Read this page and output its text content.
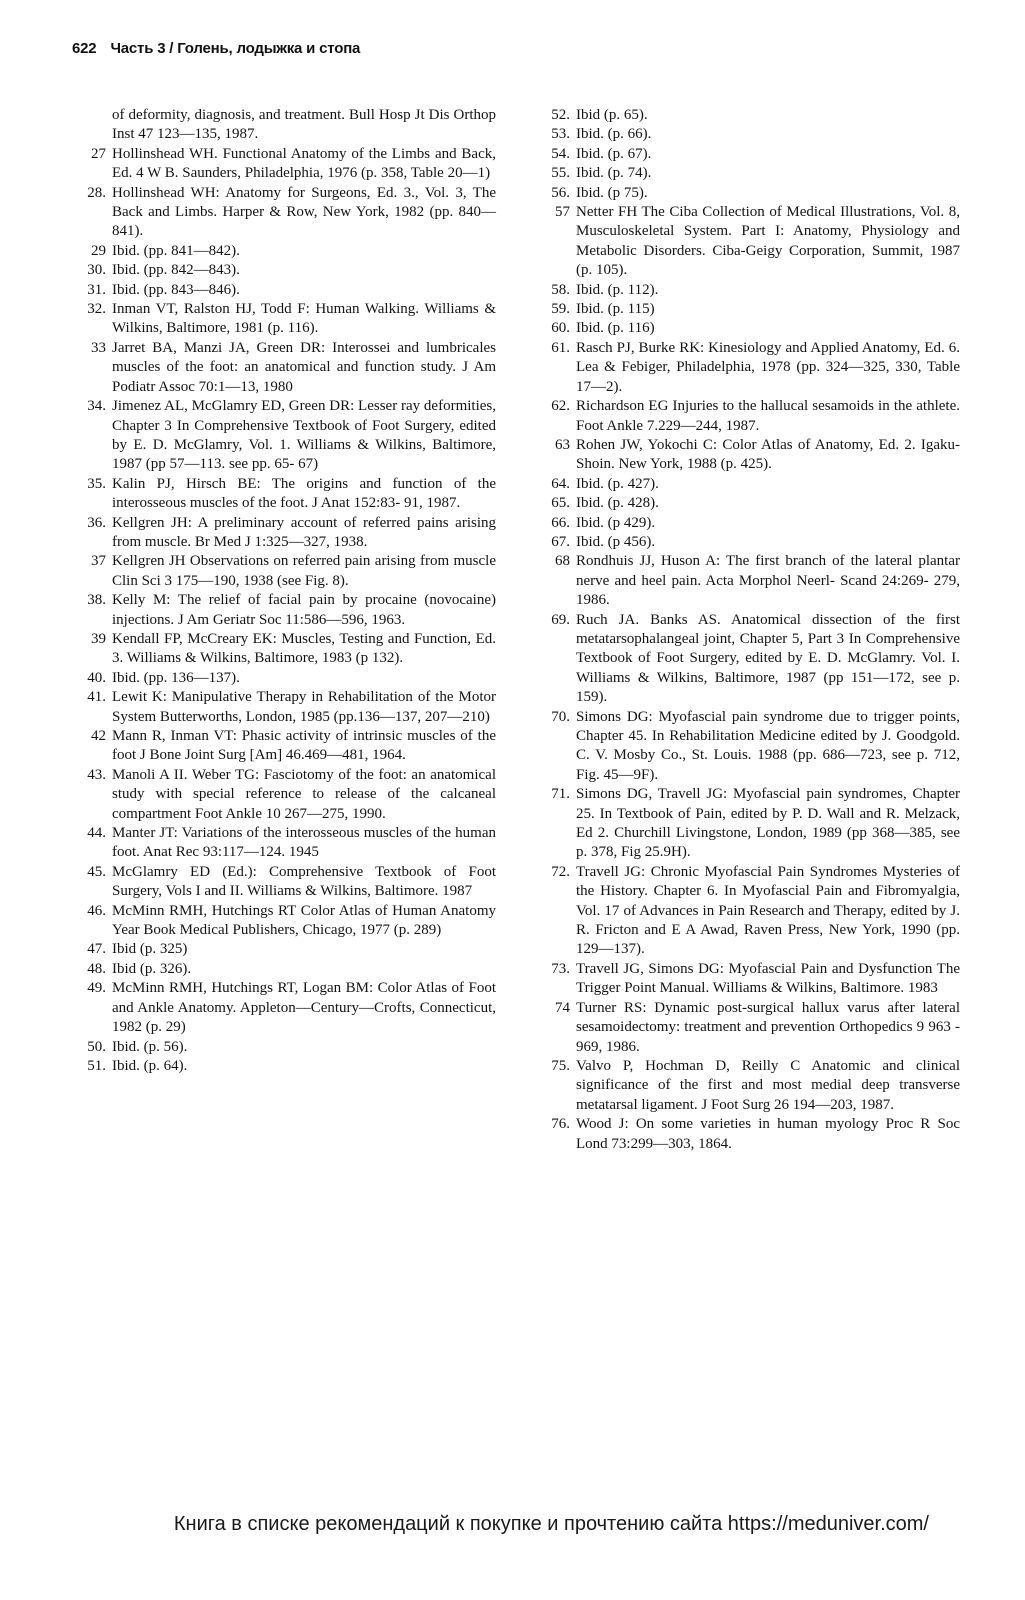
622 Часть 3 / Голень, лодыжка и стопа
of deformity, diagnosis, and treatment. Bull Hosp Jt Dis Orthop Inst 47 123—135, 1987.
27 Hollinshead WH. Functional Anatomy of the Limbs and Back, Ed. 4 W B. Saunders, Philadelphia, 1976 (p. 358, Table 20—1)
28. Hollinshead WH: Anatomy for Surgeons, Ed. 3., Vol. 3, The Back and Limbs. Harper & Row, New York, 1982 (pp. 840—841).
29 Ibid. (pp. 841—842).
30. Ibid. (pp. 842—843).
31. Ibid. (pp. 843—846).
32. Inman VT, Ralston HJ, Todd F: Human Walking. Williams & Wilkins, Baltimore, 1981 (p. 116).
33 Jarret BA, Manzi JA, Green DR: Interossei and lumbricales muscles of the foot: an anatomical and function study. J Am Podiatr Assoc 70:1—13, 1980
34. Jimenez AL, McGlamry ED, Green DR: Lesser ray deformities, Chapter 3 In Comprehensive Textbook of Foot Surgery, edited by E. D. McGlamry, Vol. 1. Williams & Wilkins, Baltimore, 1987 (pp 57—113. see pp. 65- 67)
35. Kalin PJ, Hirsch BE: The origins and function of the interosseous muscles of the foot. J Anat 152:83- 91, 1987.
36. Kellgren JH: A preliminary account of referred pains arising from muscle. Br Med J 1:325—327, 1938.
37 Kellgren JH Observations on referred pain arising from muscle Clin Sci 3 175—190, 1938 (see Fig. 8).
38. Kelly M: The relief of facial pain by procaine (novocaine) injections. J Am Geriatr Soc 11:586—596, 1963.
39 Kendall FP, McCreary EK: Muscles, Testing and Function, Ed. 3. Williams & Wilkins, Baltimore, 1983 (p 132).
40. Ibid. (pp. 136—137).
41. Lewit K: Manipulative Therapy in Rehabilitation of the Motor System Butterworths, London, 1985 (pp.136—137, 207—210)
42 Mann R, Inman VT: Phasic activity of intrinsic muscles of the foot J Bone Joint Surg [Am] 46.469—481, 1964.
43. Manoli A II. Weber TG: Fasciotomy of the foot: an anatomical study with special reference to release of the calcaneal compartment Foot Ankle 10 267—275, 1990.
44. Manter JT: Variations of the interosseous muscles of the human foot. Anat Rec 93:117—124. 1945
45. McGlamry ED (Ed.): Comprehensive Textbook of Foot Surgery, Vols I and II. Williams & Wilkins, Baltimore. 1987
46. McMinn RMH, Hutchings RT Color Atlas of Human Anatomy Year Book Medical Publishers, Chicago, 1977 (p. 289)
47. Ibid (p. 325)
48. Ibid (p. 326).
49. McMinn RMH, Hutchings RT, Logan BM: Color Atlas of Foot and Ankle Anatomy. Appleton—Century—Crofts, Connecticut, 1982 (p. 29)
50. Ibid. (p. 56).
51. Ibid. (p. 64).
52. Ibid (p. 65).
53. Ibid. (p. 66).
54. Ibid. (p. 67).
55. Ibid. (p. 74).
56. Ibid. (p 75).
57 Netter FH The Ciba Collection of Medical Illustrations, Vol. 8, Musculoskeletal System. Part I: Anatomy, Physiology and Metabolic Disorders. Ciba-Geigy Corporation, Summit, 1987 (p. 105).
58. Ibid. (p. 112).
59. Ibid. (p. 115)
60. Ibid. (p. 116)
61. Rasch PJ, Burke RK: Kinesiology and Applied Anatomy, Ed. 6. Lea & Febiger, Philadelphia, 1978 (pp. 324—325, 330, Table 17—2).
62. Richardson EG Injuries to the hallucal sesamoids in the athlete. Foot Ankle 7.229—244, 1987.
63 Rohen JW, Yokochi C: Color Atlas of Anatomy, Ed. 2. Igaku-Shoin. New York, 1988 (p. 425).
64. Ibid. (p. 427).
65. Ibid. (p. 428).
66. Ibid. (p 429).
67. Ibid. (p 456).
68 Rondhuis JJ, Huson A: The first branch of the lateral plantar nerve and heel pain. Acta Morphol Neerl- Scand 24:269- 279, 1986.
69. Ruch JA. Banks AS. Anatomical dissection of the first metatarsophalangeal joint, Chapter 5, Part 3 In Comprehensive Textbook of Foot Surgery, edited by E. D. McGlamry. Vol. I. Williams & Wilkins, Baltimore, 1987 (pp 151—172, see p. 159).
70. Simons DG: Myofascial pain syndrome due to trigger points, Chapter 45. In Rehabilitation Medicine edited by J. Goodgold. C. V. Mosby Co., St. Louis. 1988 (pp. 686—723, see p. 712, Fig. 45—9F).
71. Simons DG, Travell JG: Myofascial pain syndromes, Chapter 25. In Textbook of Pain, edited by P. D. Wall and R. Melzack, Ed 2. Churchill Livingstone, London, 1989 (pp 368—385, see p. 378, Fig 25.9H).
72. Travell JG: Chronic Myofascial Pain Syndromes Mysteries of the History. Chapter 6. In Myofascial Pain and Fibromyalgia, Vol. 17 of Advances in Pain Research and Therapy, edited by J. R. Fricton and E A Awad, Raven Press, New York, 1990 (pp. 129—137).
73. Travell JG, Simons DG: Myofascial Pain and Dysfunction The Trigger Point Manual. Williams & Wilkins, Baltimore. 1983
74 Turner RS: Dynamic post-surgical hallux varus after lateral sesamoidectomy: treatment and prevention Orthopedics 9 963 - 969, 1986.
75. Valvo P, Hochman D, Reilly C Anatomic and clinical significance of the first and most medial deep transverse metatarsal ligament. J Foot Surg 26 194—203, 1987.
76. Wood J: On some varieties in human myology Proc R Soc Lond 73:299—303, 1864.
Книга в списке рекомендаций к покупке и прочтению сайта https://meduniver.com/
